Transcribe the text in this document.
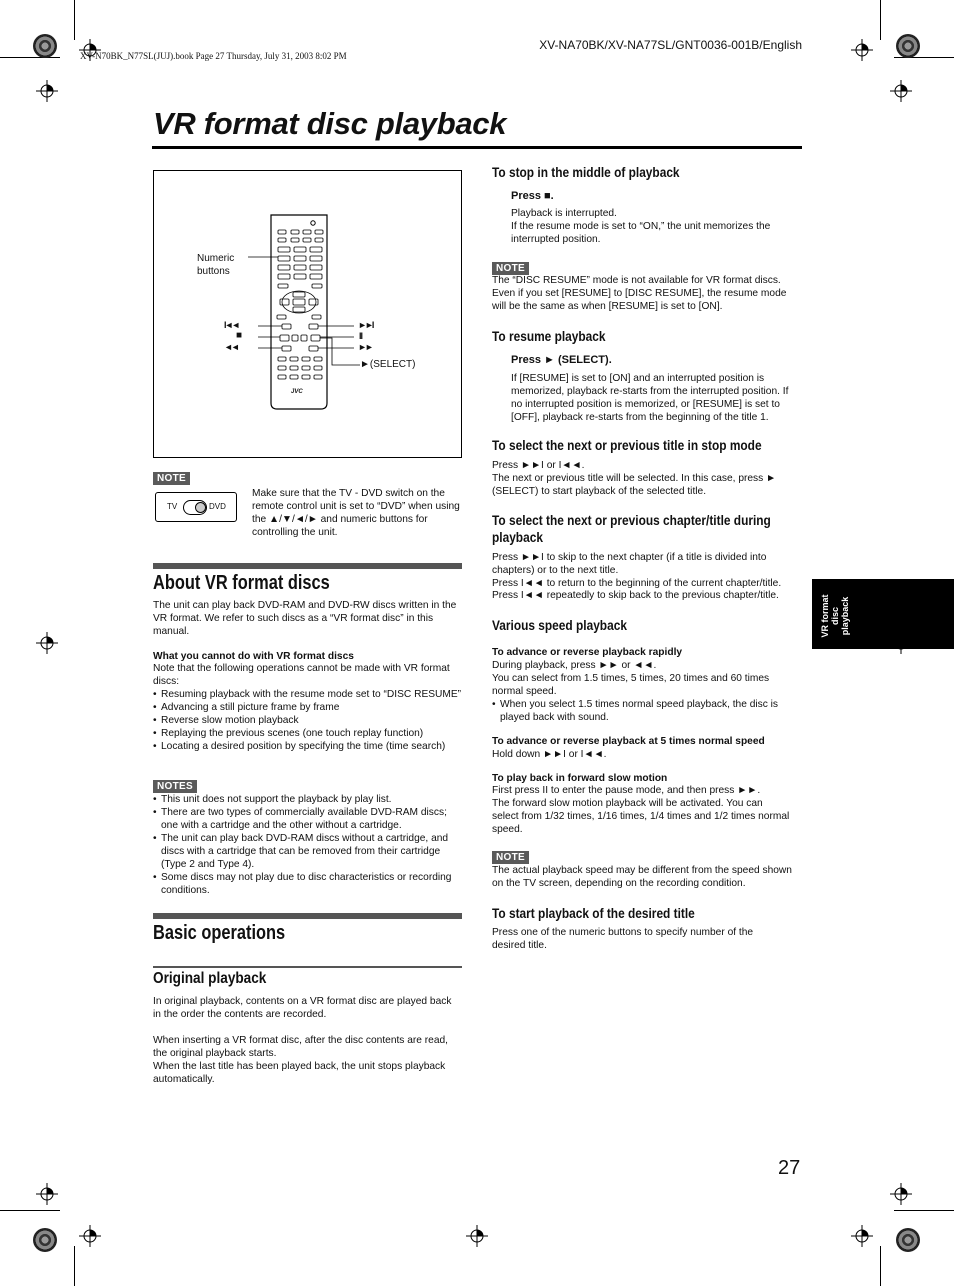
XV-N70BK_N77SL(JUJ).book Page 27 Thursday, July 31, 2003 8:02 PM
XV-NA70BK/XV-NA77SL/GNT0036-001B/English
VR format disc playback
Numeric
buttons
►(SELECT)
I◄◄
■
◄◄
►►I
II
►►
JVC
NOTE
TV	DVD
Make sure that the TV - DVD switch on the remote control unit is set to “DVD” when using the ▲/▼/◄/► and numeric buttons for controlling the unit.
About VR format discs
The unit can play back DVD-RAM and DVD-RW discs written in the VR format. We refer to such discs as a “VR format disc” in this manual.
What you cannot do with VR format discs
Note that the following operations cannot be made with VR format discs:
• Resuming playback with the resume mode set to “DISC RESUME”
• Advancing a still picture frame by frame
• Reverse slow motion playback
• Replaying the previous scenes (one touch replay function)
• Locating a desired position by specifying the time (time search)
NOTES
• This unit does not support the playback by play list.
• There are two types of commercially available DVD-RAM discs; one with a cartridge and the other without a cartridge.
• The unit can play back DVD-RAM discs without a cartridge, and discs with a cartridge that can be removed from their cartridge (Type 2 and Type 4).
• Some discs may not play due to disc characteristics or recording conditions.
Basic operations
Original playback
In original playback, contents on a VR format disc are played back in the order the contents are recorded.
When inserting a VR format disc, after the disc contents are read, the original playback starts.
When the last title has been played back, the unit stops playback automatically.
To stop in the middle of playback
Press ■.
Playback is interrupted.
If the resume mode is set to “ON,” the unit memorizes the interrupted position.
NOTE
The “DISC RESUME” mode is not available for VR format discs. Even if you set [RESUME] to [DISC RESUME], the resume mode will be the same as when [RESUME] is set to [ON].
To resume playback
Press ► (SELECT).
If [RESUME] is set to [ON] and an interrupted position is memorized, playback re-starts from the interrupted position. If no interrupted position is memorized, or [RESUME] is set to [OFF], playback re-starts from the beginning of the title 1.
To select the next or previous title in stop mode
Press ►►I or I◄◄.
The next or previous title will be selected. In this case, press ► (SELECT) to start playback of the selected title.
To select the next or previous chapter/title during playback
Press ►►I to skip to the next chapter (if a title is divided into chapters) or to the next title.
Press I◄◄ to return to the beginning of the current chapter/title.
Press I◄◄ repeatedly to skip back to the previous chapter/title.
Various speed playback
To advance or reverse playback rapidly
During playback, press ►► or ◄◄.
You can select from 1.5 times, 5 times, 20 times and 60 times normal speed.
• When you select 1.5 times normal speed playback, the disc is played back with sound.
To advance or reverse playback at 5 times normal speed
Hold down ►►I or I◄◄.
To play back in forward slow motion
First press II to enter the pause mode, and then press ►►.
The forward slow motion playback will be activated. You can select from 1/32 times, 1/16 times, 1/4 times and 1/2 times normal speed.
NOTE
The actual playback speed may be different from the speed shown on the TV screen, depending on the recording condition.
To start playback of the desired title
Press one of the numeric buttons to specify number of the desired title.
VR format
disc
playback
27
